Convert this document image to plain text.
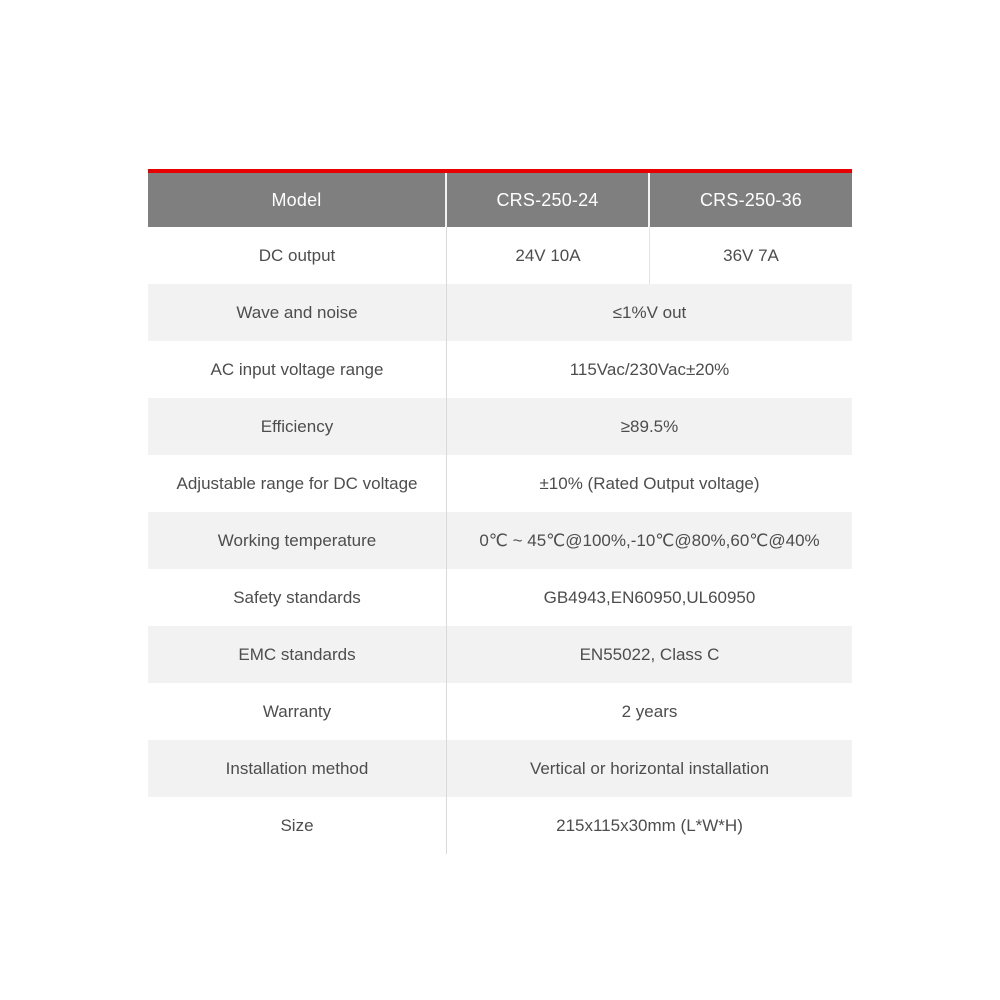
Model	CRS-250-24	CRS-250-36
DC output	24V 10A	36V 7A
Wave and noise	≤1%V out
AC input voltage range	115Vac/230Vac±20%
Efficiency	≥89.5%
Adjustable range for DC voltage	±10% (Rated Output voltage)
Working temperature	0℃ ~ 45℃@100%,-10℃@80%,60℃@40%
Safety standards	GB4943,EN60950,UL60950
EMC standards	EN55022, Class C
Warranty	2 years
Installation method	Vertical or horizontal installation
Size	215x115x30mm (L*W*H)
